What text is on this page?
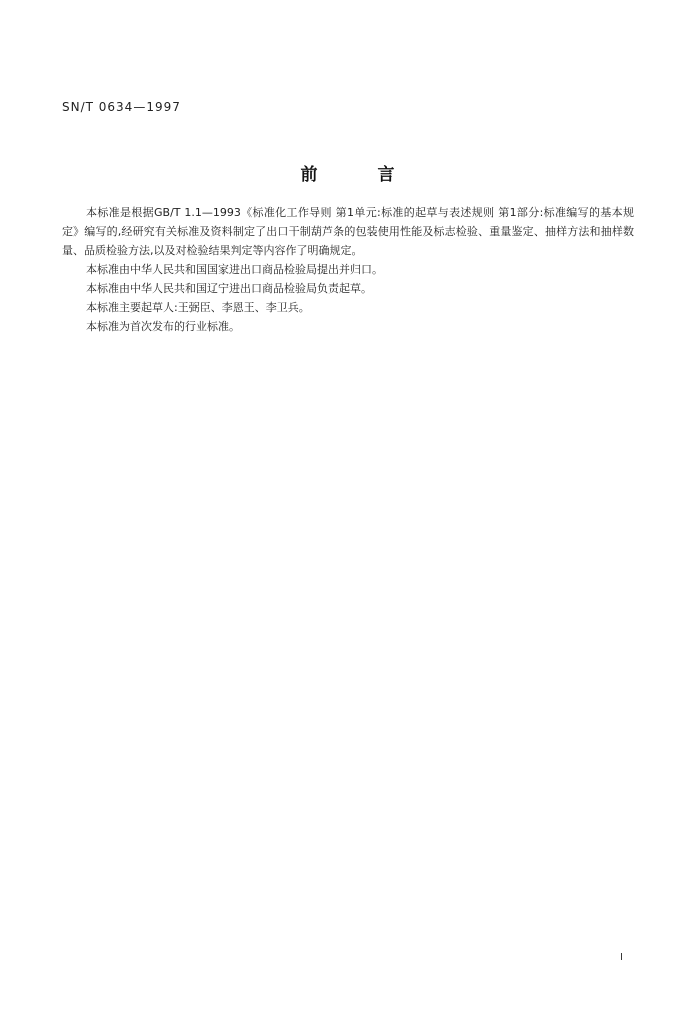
SN/T 0634—1997
前	言

本标准是根据GB/T 1.1—1993《标准化工作导则 第1单元:标准的起草与表述规则 第1部分:标准编写的基本规定》编写的,经研究有关标准及资料制定了出口干制葫芦条的包装使用性能及标志检验、重量鉴定、抽样方法和抽样数量、品质检验方法,以及对检验结果判定等内容作了明确规定。

本标准由中华人民共和国国家进出口商品检验局提出并归口。

本标准由中华人民共和国辽宁进出口商品检验局负责起草。

本标准主要起草人:王弼臣、李恩王、李卫兵。

本标准为首次发布的行业标准。

I
